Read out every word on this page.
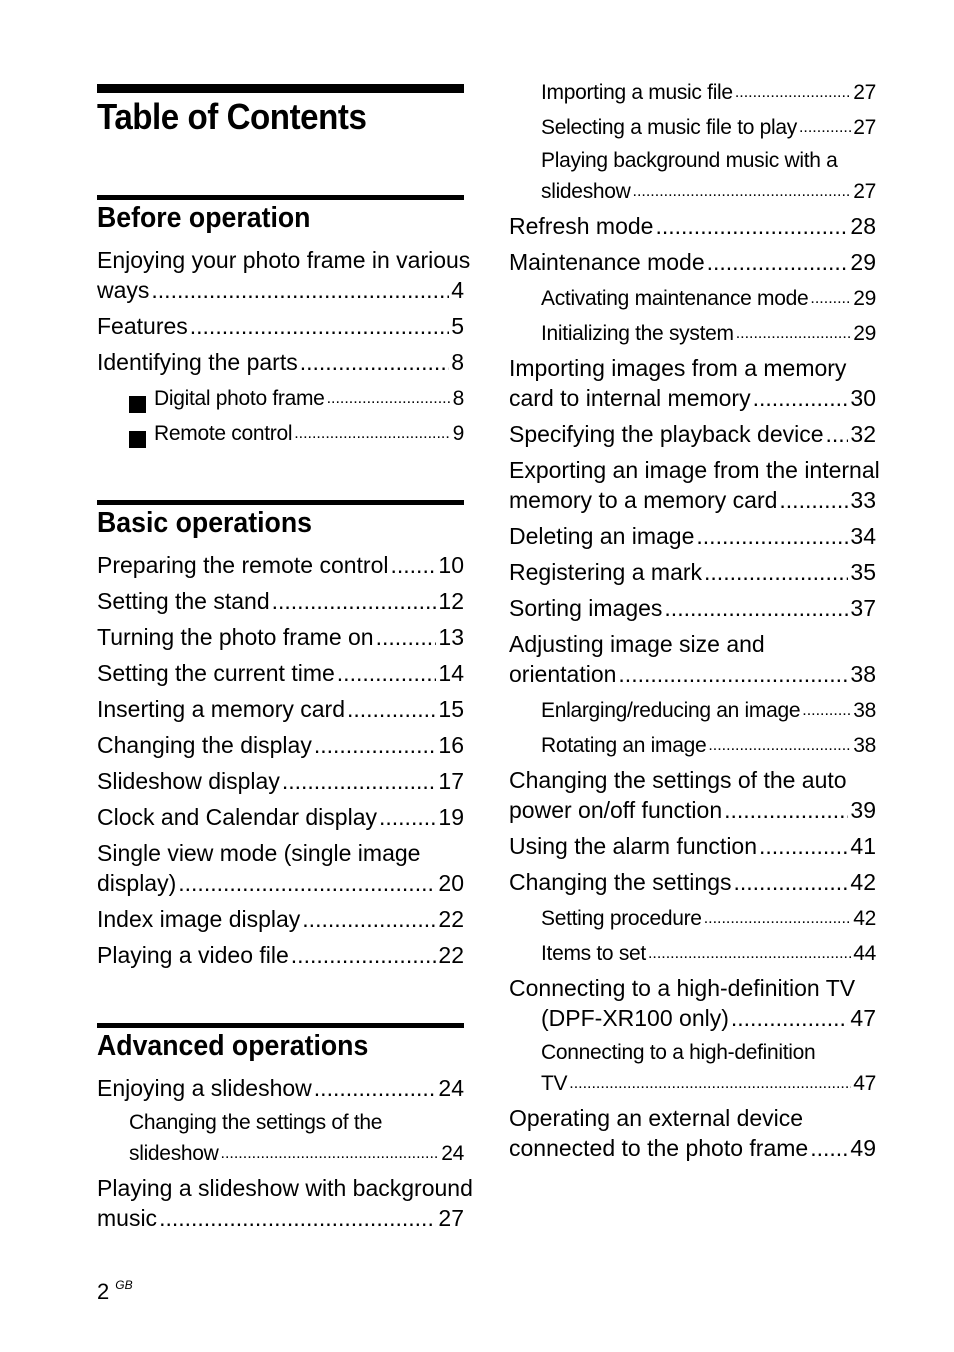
Table of Contents
Before operation
Enjoying your photo frame in various
ways .....	4
Features .....	5
Identifying the parts .....	8
Digital photo frame .....	8
Remote control .....	9
Basic operations
Preparing the remote control ..... 10
Setting the stand .....	12
Turning the photo frame on .....	13
Setting the current time .....	14
Inserting a memory card .....	15
Changing the display .....	16
Slideshow display .....	17
Clock and Calendar display .....	19
Single view mode (single image
display) .....	20
Index image display .....	22
Playing a video file .....	22
Advanced operations
Enjoying a slideshow .....	24
Changing the settings of the
slideshow .....	24
Playing a slideshow with background
music .....	27
Importing a music file .....	27
Selecting a music file to play .....	27
Playing background music with a
slideshow .....	27
Refresh mode .....	28
Maintenance mode .....	29
Activating maintenance mode ..... 29
Initializing the system .....	29
Importing images from a memory
card to internal memory .....	30
Specifying the playback device ..... 32
Exporting an image from the internal
memory to a memory card .....	33
Deleting an image .....	34
Registering a mark .....	35
Sorting images .....	37
Adjusting image size and
orientation .....	38
Enlarging/reducing an image .....	38
Rotating an image .....	38
Changing the settings of the auto
power on/off function .....	39
Using the alarm function .....	41
Changing the settings .....	42
Setting procedure .....	42
Items to set .....	44
Connecting to a high-definition TV
(DPF-XR100 only) .....	47
Connecting to a high-definition
TV .....	47
Operating an external device
connected to the photo frame ..... 49
2 $^{GB}$
